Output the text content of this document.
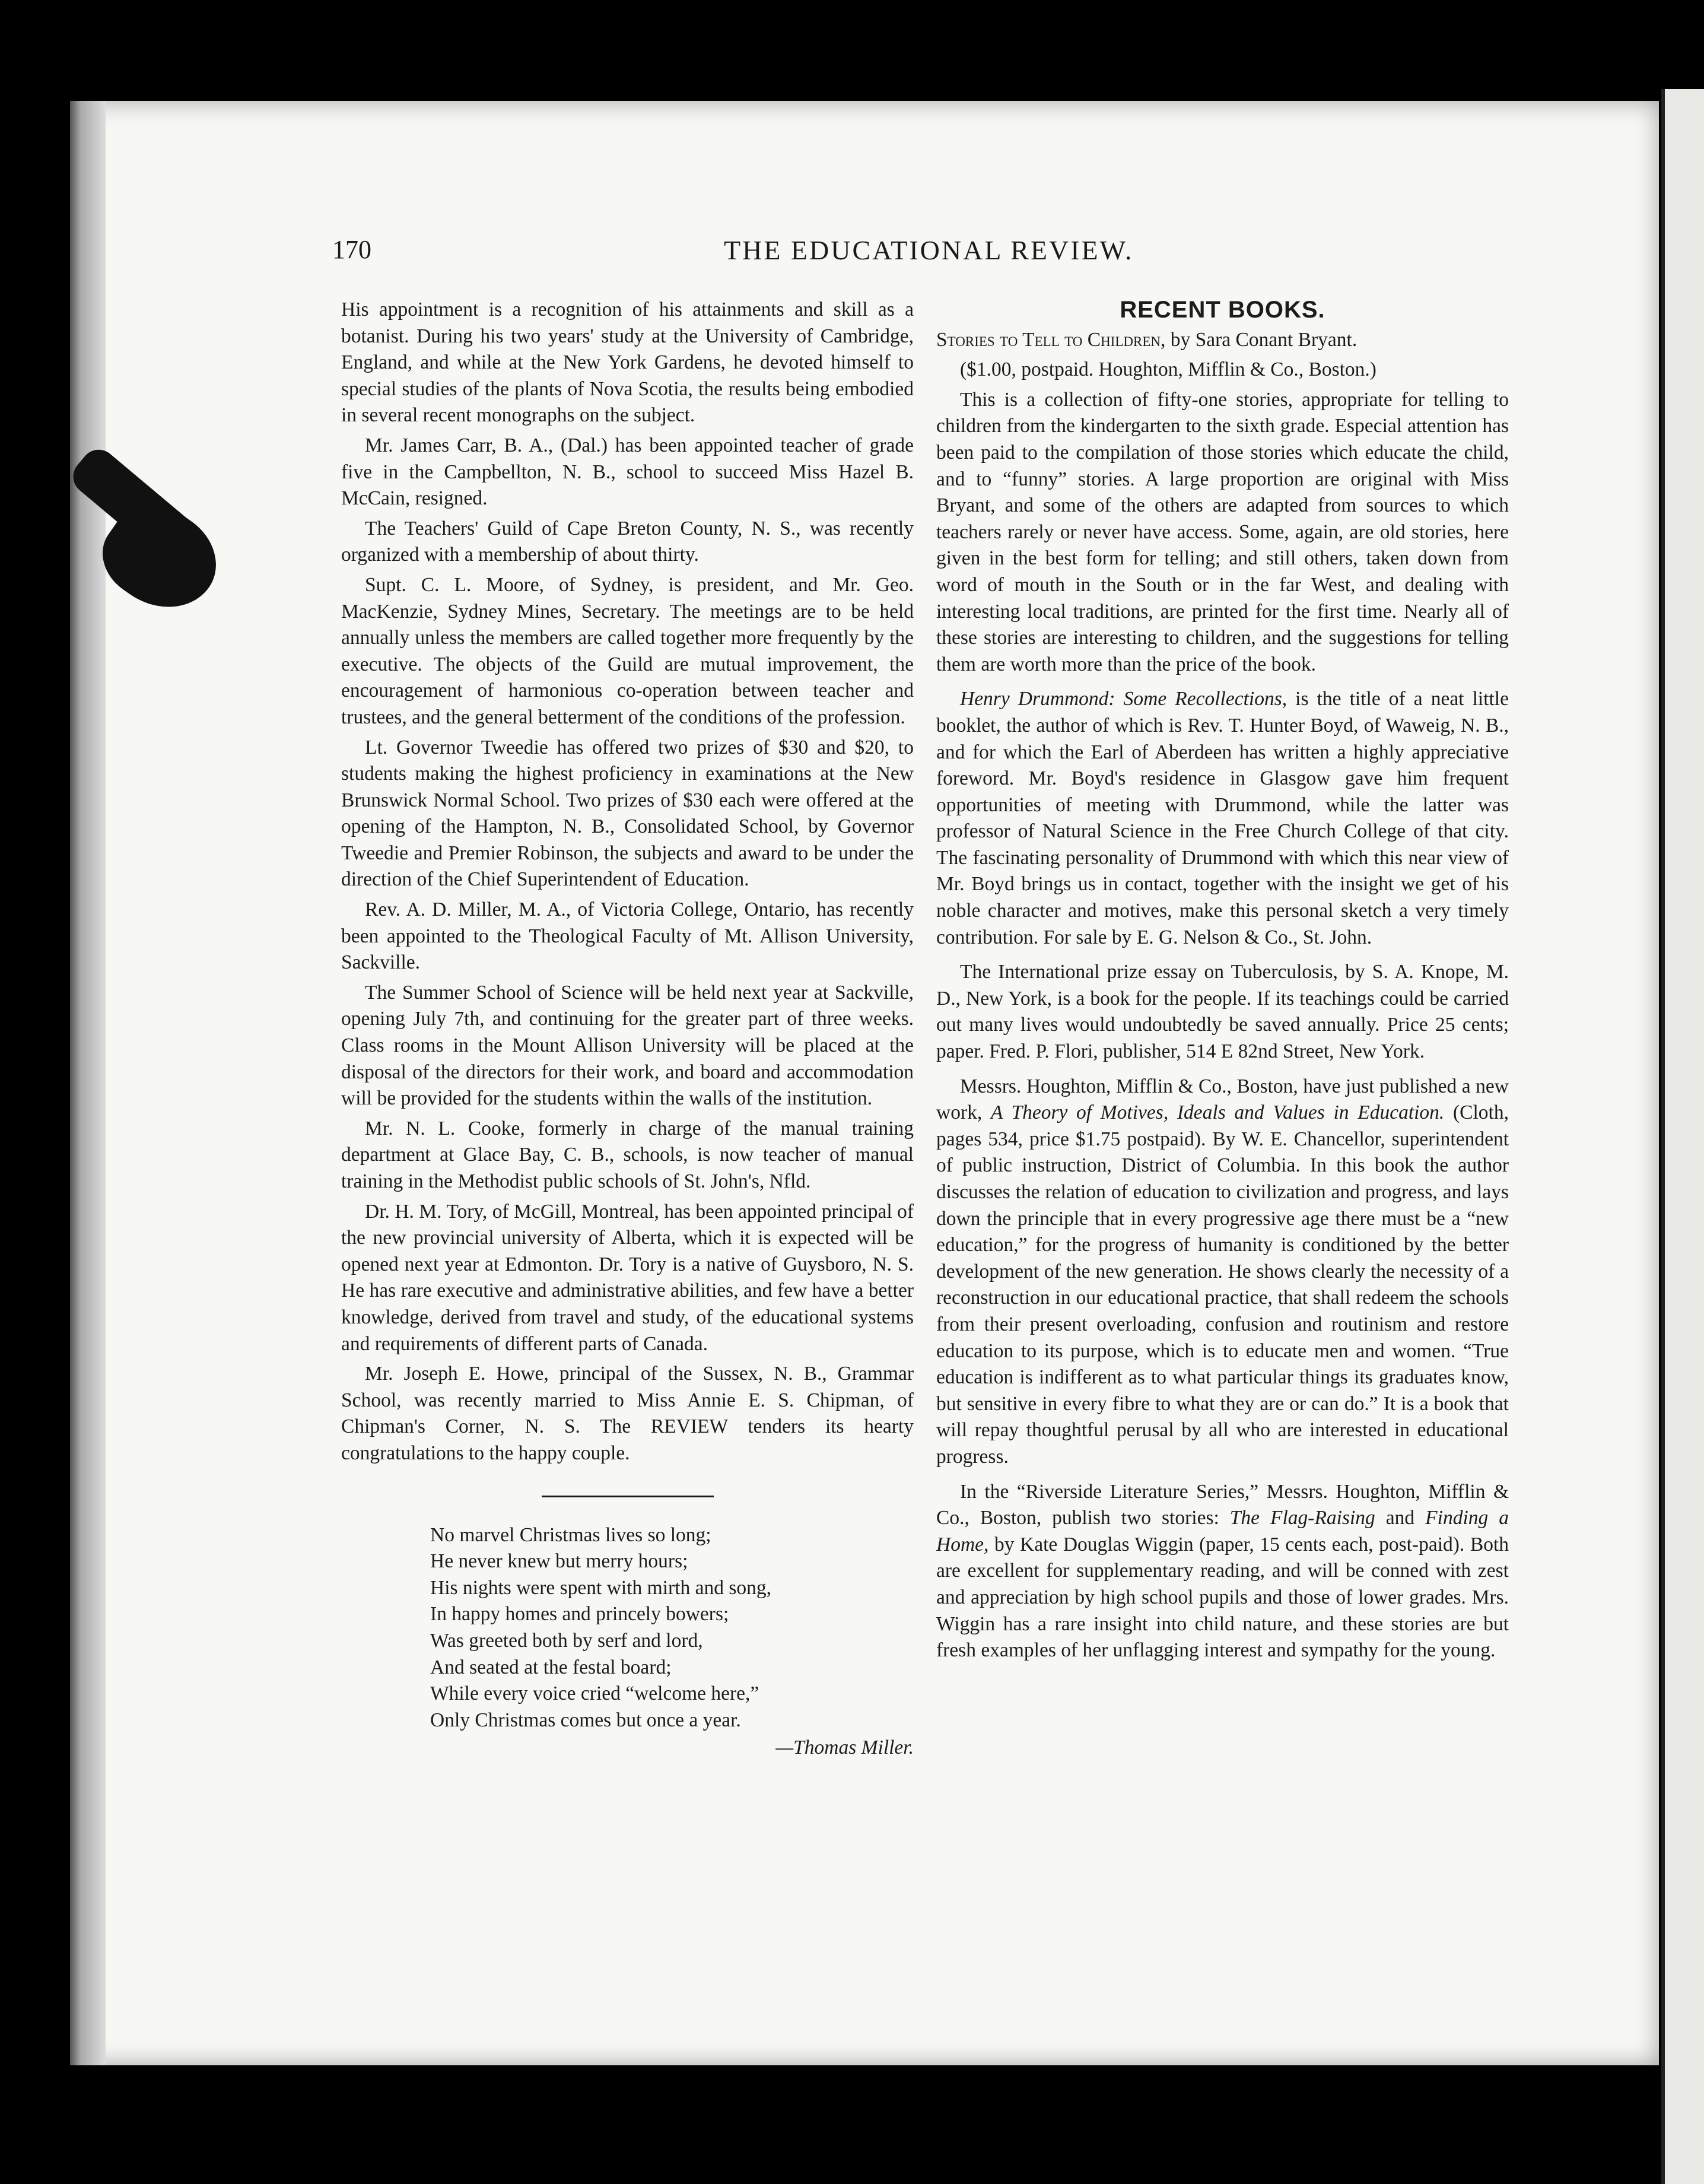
170	THE EDUCATIONAL REVIEW.

His appointment is a recognition of his attainments and skill as a botanist. During his two years' study at the University of Cambridge, England, and while at the New York Gardens, he devoted himself to special studies of the plants of Nova Scotia, the results being embodied in several recent monographs on the subject.

Mr. James Carr, B. A., (Dal.) has been appointed teacher of grade five in the Campbellton, N. B., school to succeed Miss Hazel B. McCain, resigned.

The Teachers' Guild of Cape Breton County, N. S., was recently organized with a membership of about thirty.

Supt. C. L. Moore, of Sydney, is president, and Mr. Geo. MacKenzie, Sydney Mines, Secretary. The meetings are to be held annually unless the members are called together more frequently by the executive. The objects of the Guild are mutual improvement, the encouragement of harmonious co-operation between teacher and trustees, and the general betterment of the conditions of the profession.

Lt. Governor Tweedie has offered two prizes of $30 and $20, to students making the highest proficiency in examinations at the New Brunswick Normal School. Two prizes of $30 each were offered at the opening of the Hampton, N. B., Consolidated School, by Governor Tweedie and Premier Robinson, the subjects and award to be under the direction of the Chief Superintendent of Education.

Rev. A. D. Miller, M. A., of Victoria College, Ontario, has recently been appointed to the Theological Faculty of Mt. Allison University, Sackville.

The Summer School of Science will be held next year at Sackville, opening July 7th, and continuing for the greater part of three weeks. Class rooms in the Mount Allison University will be placed at the disposal of the directors for their work, and board and accommodation will be provided for the students within the walls of the institution.

Mr. N. L. Cooke, formerly in charge of the manual training department at Glace Bay, C. B., schools, is now teacher of manual training in the Methodist public schools of St. John's, Nfld.

Dr. H. M. Tory, of McGill, Montreal, has been appointed principal of the new provincial university of Alberta, which it is expected will be opened next year at Edmonton. Dr. Tory is a native of Guysboro, N. S. He has rare executive and administrative abilities, and few have a better knowledge, derived from travel and study, of the educational systems and requirements of different parts of Canada.

Mr. Joseph E. Howe, principal of the Sussex, N. B., Grammar School, was recently married to Miss Annie E. S. Chipman, of Chipman's Corner, N. S. The REVIEW tenders its hearty congratulations to the happy couple.

No marvel Christmas lives so long;
He never knew but merry hours;
His nights were spent with mirth and song,
In happy homes and princely bowers;
Was greeted both by serf and lord,
And seated at the festal board;
While every voice cried “welcome here,”
Only Christmas comes but once a year.
—Thomas Miller.
RECENT BOOKS.

Stories to Tell to Children, by Sara Conant Bryant.

($1.00, postpaid. Houghton, Mifflin & Co., Boston.)

This is a collection of fifty-one stories, appropriate for telling to children from the kindergarten to the sixth grade. Especial attention has been paid to the compilation of those stories which educate the child, and to “funny” stories. A large proportion are original with Miss Bryant, and some of the others are adapted from sources to which teachers rarely or never have access. Some, again, are old stories, here given in the best form for telling; and still others, taken down from word of mouth in the South or in the far West, and dealing with interesting local traditions, are printed for the first time. Nearly all of these stories are interesting to children, and the suggestions for telling them are worth more than the price of the book.

Henry Drummond: Some Recollections, is the title of a neat little booklet, the author of which is Rev. T. Hunter Boyd, of Waweig, N. B., and for which the Earl of Aberdeen has written a highly appreciative foreword. Mr. Boyd's residence in Glasgow gave him frequent opportunities of meeting with Drummond, while the latter was professor of Natural Science in the Free Church College of that city. The fascinating personality of Drummond with which this near view of Mr. Boyd brings us in contact, together with the insight we get of his noble character and motives, make this personal sketch a very timely contribution. For sale by E. G. Nelson & Co., St. John.

The International prize essay on Tuberculosis, by S. A. Knope, M. D., New York, is a book for the people. If its teachings could be carried out many lives would undoubtedly be saved annually. Price 25 cents; paper. Fred. P. Flori, publisher, 514 E 82nd Street, New York.

Messrs. Houghton, Mifflin & Co., Boston, have just published a new work, A Theory of Motives, Ideals and Values in Education. (Cloth, pages 534, price $1.75 postpaid). By W. E. Chancellor, superintendent of public instruction, District of Columbia. In this book the author discusses the relation of education to civilization and progress, and lays down the principle that in every progressive age there must be a “new education,” for the progress of humanity is conditioned by the better development of the new generation. He shows clearly the necessity of a reconstruction in our educational practice, that shall redeem the schools from their present overloading, confusion and routinism and restore education to its purpose, which is to educate men and women. “True education is indifferent as to what particular things its graduates know, but sensitive in every fibre to what they are or can do.” It is a book that will repay thoughtful perusal by all who are interested in educational progress.

In the “Riverside Literature Series,” Messrs. Houghton, Mifflin & Co., Boston, publish two stories: The Flag-Raising and Finding a Home, by Kate Douglas Wiggin (paper, 15 cents each, post-paid). Both are excellent for supplementary reading, and will be conned with zest and appreciation by high school pupils and those of lower grades. Mrs. Wiggin has a rare insight into child nature, and these stories are but fresh examples of her unflagging interest and sympathy for the young.
